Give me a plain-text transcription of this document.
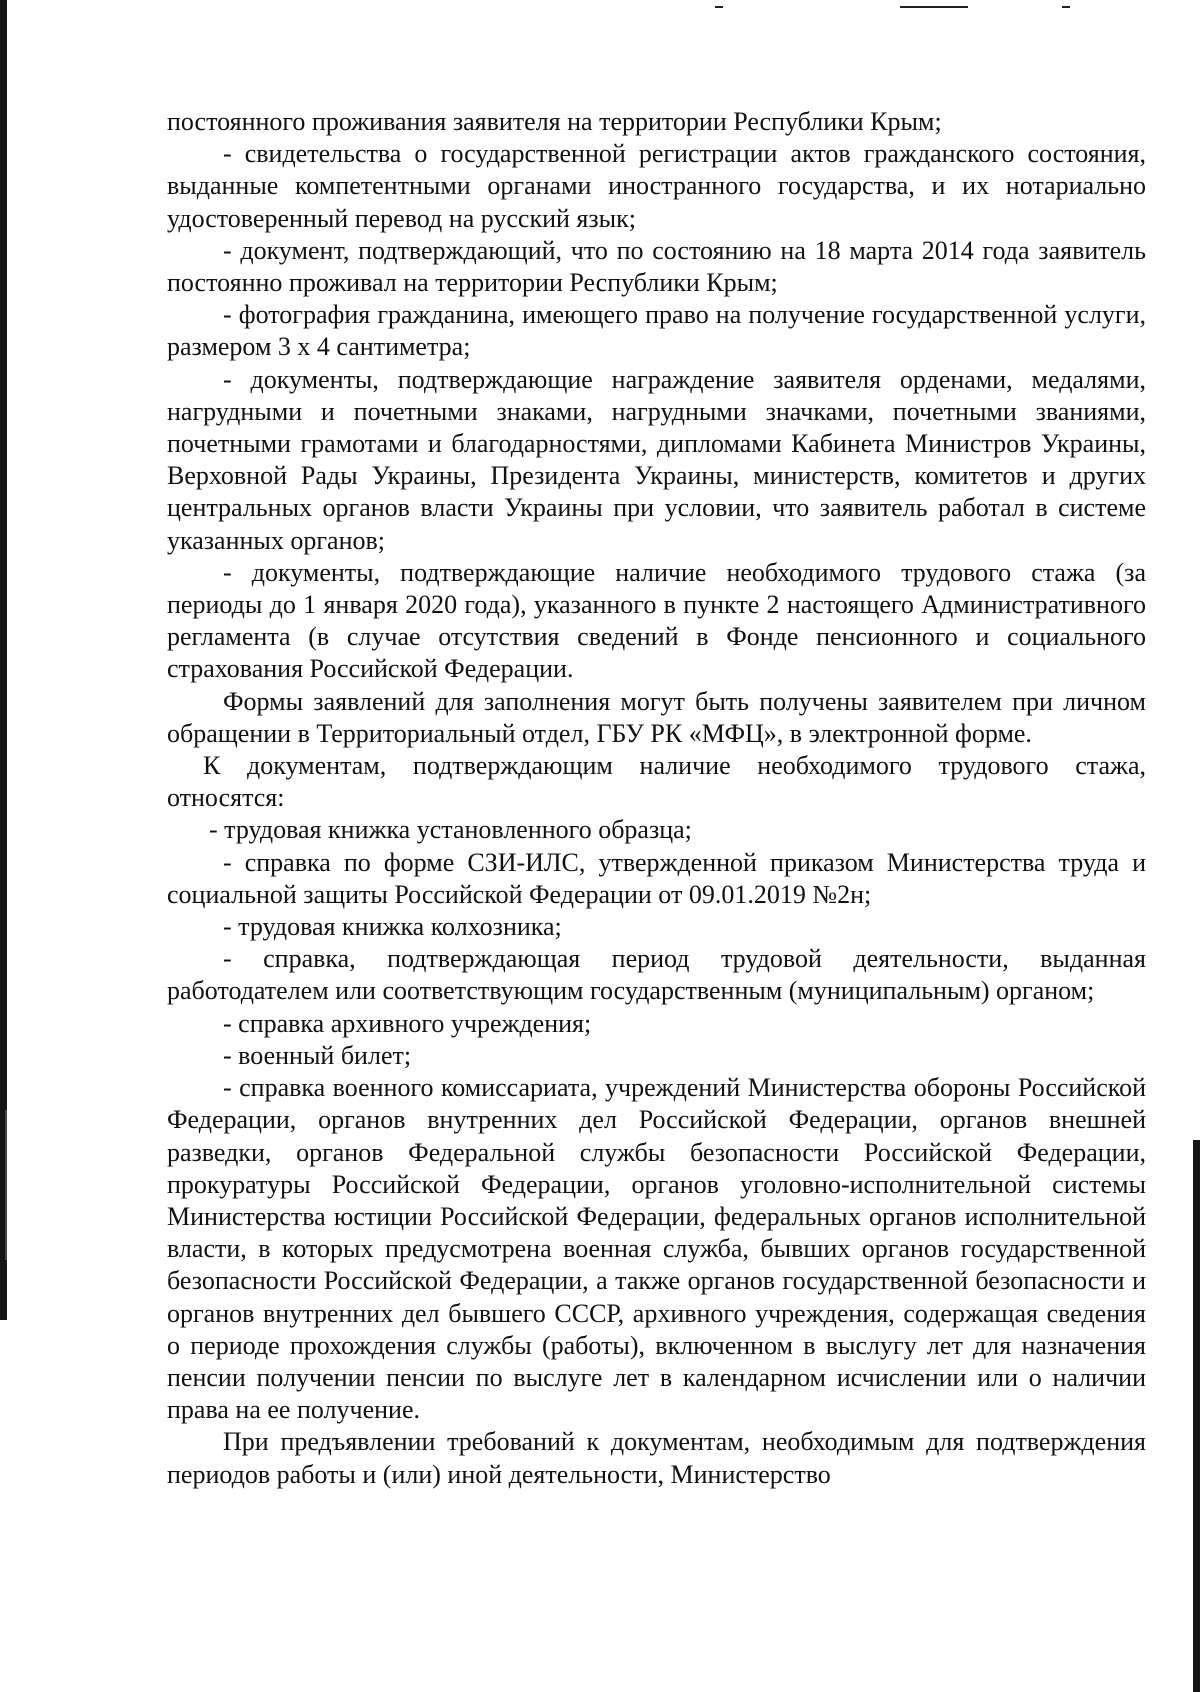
постоянного проживания заявителя на территории Республики Крым;

- свидетельства о государственной регистрации актов гражданского состояния, выданные компетентными органами иностранного государства, и их нотариально удостоверенный перевод на русский язык;

- документ, подтверждающий, что по состоянию на 18 марта 2014 года заявитель постоянно проживал на территории Республики Крым;

- фотография гражданина, имеющего право на получение государственной услуги, размером 3 х 4 сантиметра;

- документы, подтверждающие награждение заявителя орденами, медалями, нагрудными и почетными знаками, нагрудными значками, почетными званиями, почетными грамотами и благодарностями, дипломами Кабинета Министров Украины, Верховной Рады Украины, Президента Украины, министерств, комитетов и других центральных органов власти Украины при условии, что заявитель работал в системе указанных органов;

- документы, подтверждающие наличие необходимого трудового стажа (за периоды до 1 января 2020 года), указанного в пункте 2 настоящего Административного регламента (в случае отсутствия сведений в Фонде пенсионного и социального страхования Российской Федерации.

Формы заявлений для заполнения могут быть получены заявителем при личном обращении в Территориальный отдел, ГБУ РК «МФЦ», в электронной форме.

К документам, подтверждающим наличие необходимого трудового стажа, относятся:

- трудовая книжка установленного образца;

- справка по форме СЗИ-ИЛС, утвержденной приказом Министерства труда и социальной защиты Российской Федерации от 09.01.2019 №2н;

- трудовая книжка колхозника;

- справка, подтверждающая период трудовой деятельности, выданная работодателем или соответствующим государственным (муниципальным) органом;

- справка архивного учреждения;

- военный билет;

- справка военного комиссариата, учреждений Министерства обороны Российской Федерации, органов внутренних дел Российской Федерации, органов внешней разведки, органов Федеральной службы безопасности Российской Федерации, прокуратуры Российской Федерации, органов уголовно-исполнительной системы Министерства юстиции Российской Федерации, федеральных органов исполнительной власти, в которых предусмотрена военная служба, бывших органов государственной безопасности Российской Федерации, а также органов государственной безопасности и органов внутренних дел бывшего СССР, архивного учреждения, содержащая сведения о периоде прохождения службы (работы), включенном в выслугу лет для назначения пенсии получении пенсии по выслуге лет в календарном исчислении или о наличии права на ее получение.

При предъявлении требований к документам, необходимым для подтверждения периодов работы и (или) иной деятельности, Министерство
